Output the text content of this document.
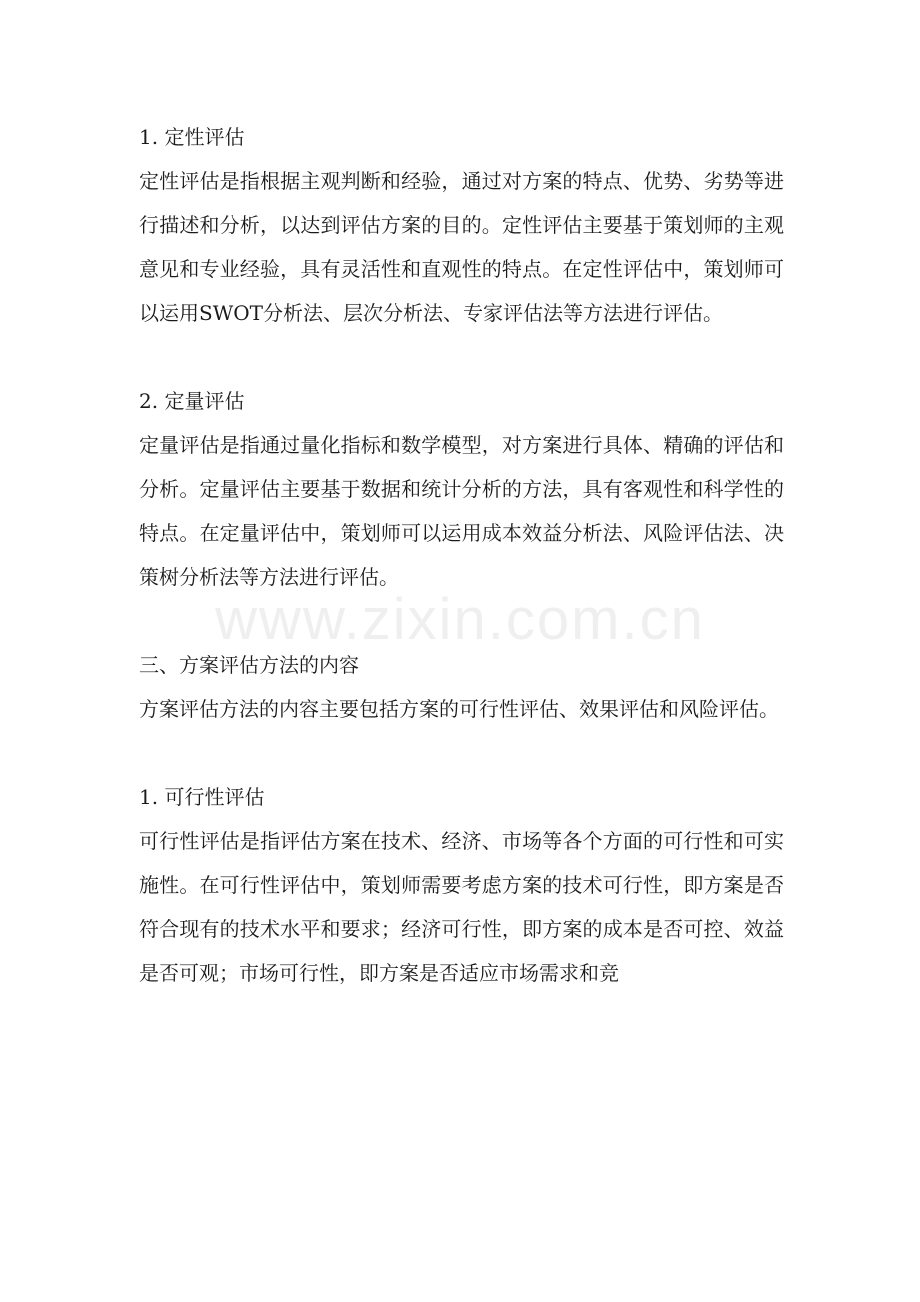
1. 定性评估

定性评估是指根据主观判断和经验，通过对方案的特点、优势、劣势等进行描述和分析，以达到评估方案的目的。定性评估主要基于策划师的主观意见和专业经验，具有灵活性和直观性的特点。在定性评估中，策划师可以运用SWOT分析法、层次分析法、专家评估法等方法进行评估。

2. 定量评估

定量评估是指通过量化指标和数学模型，对方案进行具体、精确的评估和分析。定量评估主要基于数据和统计分析的方法，具有客观性和科学性的特点。在定量评估中，策划师可以运用成本效益分析法、风险评估法、决策树分析法等方法进行评估。

三、方案评估方法的内容

方案评估方法的内容主要包括方案的可行性评估、效果评估和风险评估。

1. 可行性评估

可行性评估是指评估方案在技术、经济、市场等各个方面的可行性和可实施性。在可行性评估中，策划师需要考虑方案的技术可行性，即方案是否符合现有的技术水平和要求；经济可行性，即方案的成本是否可控、效益是否可观；市场可行性，即方案是否适应市场需求和竞

www.zixin.com.cn
